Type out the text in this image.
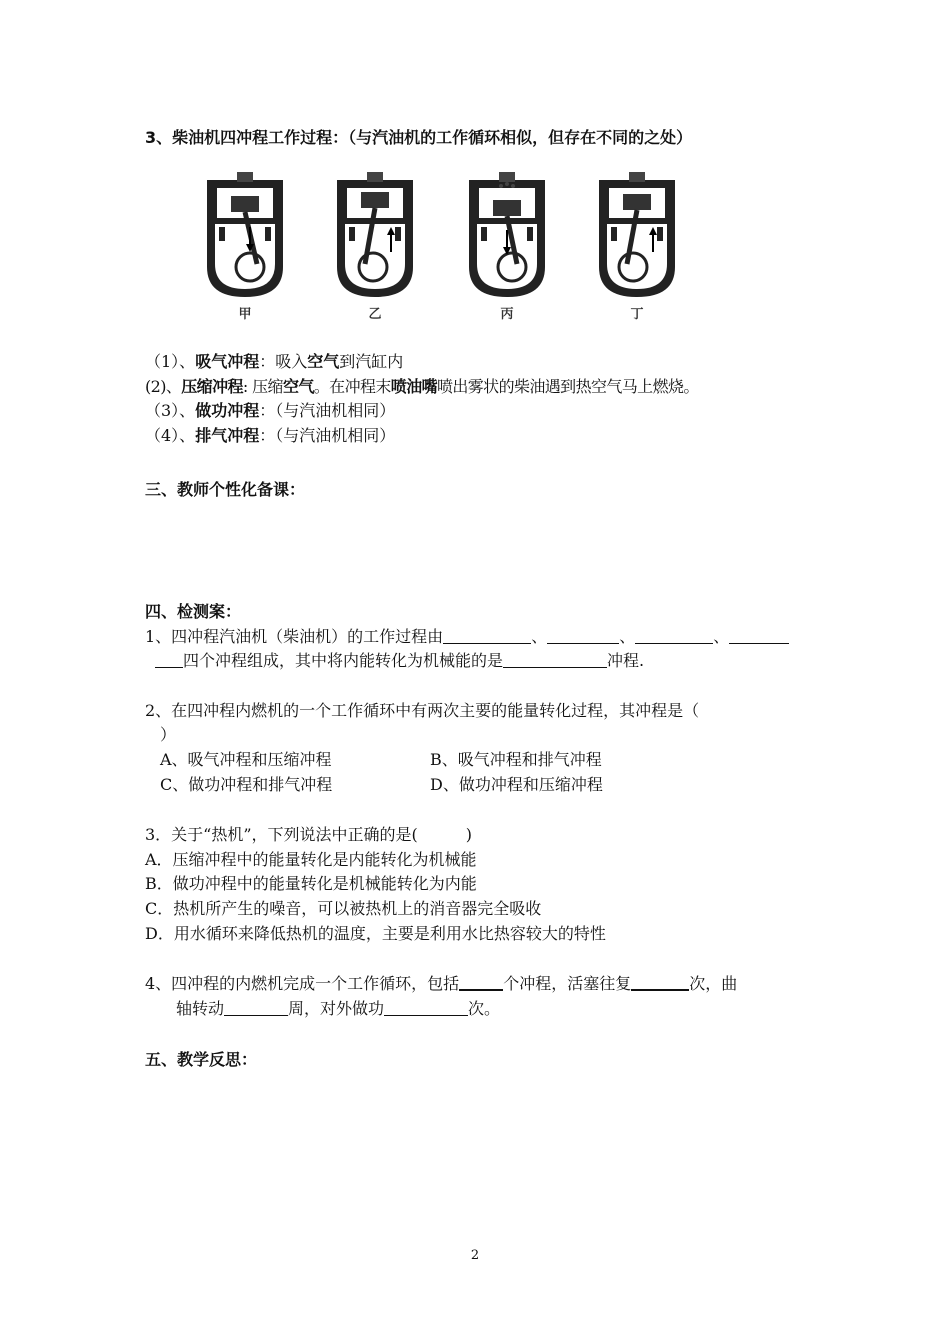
3、柴油机四冲程工作过程：（与汽油机的工作循环相似，但存在不同的之处）
甲	乙	丙	丁
（1）、吸气冲程：吸入空气到汽缸内
(2)、压缩冲程: 压缩空气。在冲程末喷油嘴喷出雾状的柴油遇到热空气马上燃烧。
（3）、做功冲程：（与汽油机相同）
（4）、排气冲程：（与汽油机相同）
三、教师个性化备课：
四、检测案：
1、四冲程汽油机（柴油机）的工作过程由	、	、	、
四个冲程组成，其中将内能转化为机械能的是	冲程.
2、在四冲程内燃机的一个工作循环中有两次主要的能量转化过程，其冲程是（
）
A、吸气冲程和压缩冲程	B、吸气冲程和排气冲程
C、做功冲程和排气冲程	D、做功冲程和压缩冲程
3．关于“热机”，下列说法中正确的是(　　　)
A．压缩冲程中的能量转化是内能转化为机械能
B．做功冲程中的能量转化是机械能转化为内能
C．热机所产生的噪音，可以被热机上的消音器完全吸收
D．用水循环来降低热机的温度，主要是利用水比热容较大的特性
4、四冲程的内燃机完成一个工作循环，包括	个冲程，活塞往复	次，曲
轴转动	周，对外做功	次。
五、教学反思：
2
